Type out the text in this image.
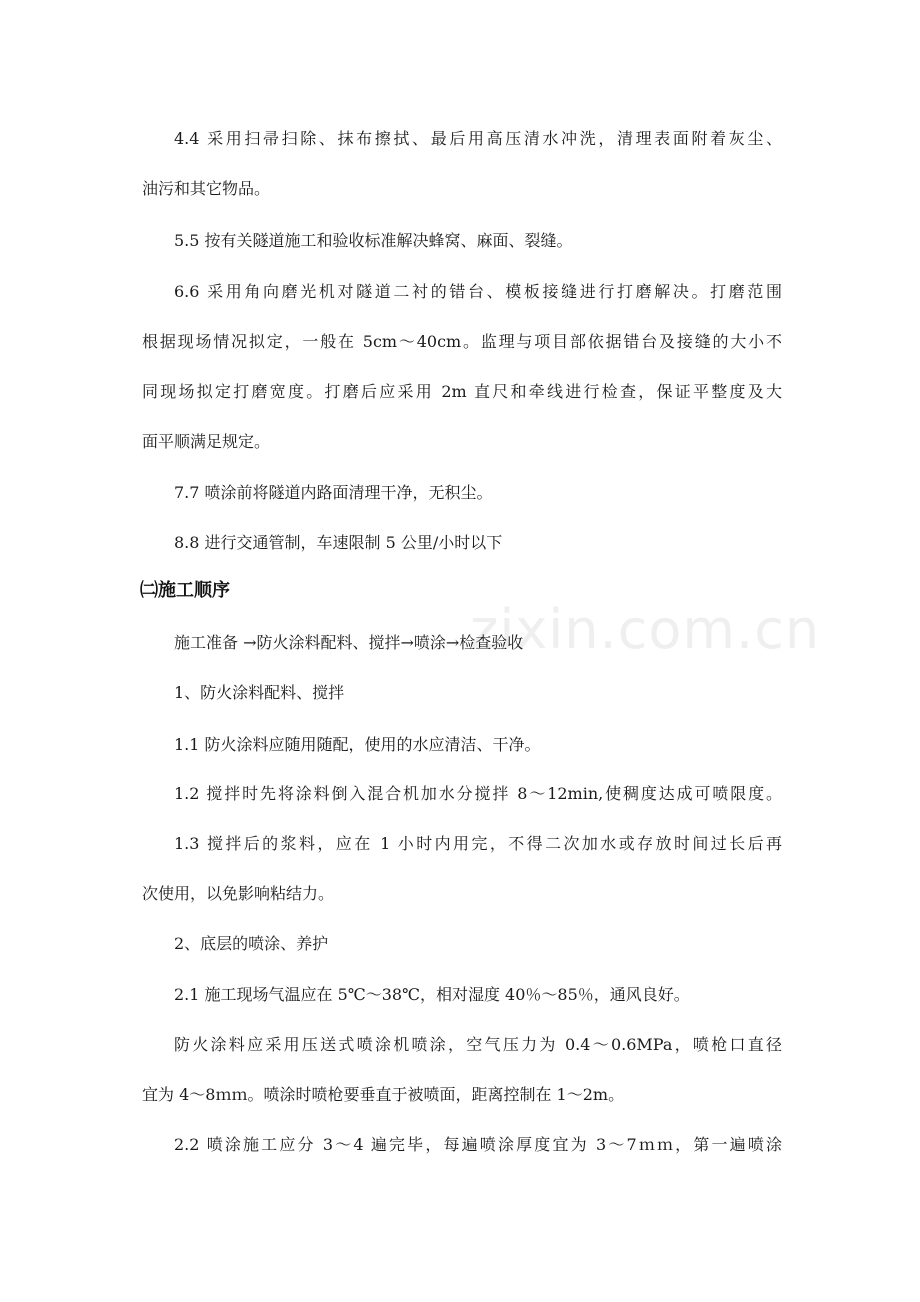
4.4 采用扫帚扫除、抹布擦拭、最后用高压清水冲洗，清理表面附着灰尘、
油污和其它物品。
5.5 按有关隧道施工和验收标准解决蜂窝、麻面、裂缝。
6.6 采用角向磨光机对隧道二衬的错台、模板接缝进行打磨解决。打磨范围
根据现场情况拟定，一般在 5cm～40cm。监理与项目部依据错台及接缝的大小不
同现场拟定打磨宽度。打磨后应采用 2m 直尺和牵线进行检查，保证平整度及大
面平顺满足规定。
7.7 喷涂前将隧道内路面清理干净，无积尘。
8.8 进行交通管制，车速限制 5 公里/小时以下
㈡施工顺序
zixin.com.cn
施工准备 →防火涂料配料、搅拌→喷涂→检查验收
1、防火涂料配料、搅拌
1.1 防火涂料应随用随配，使用的水应清洁、干净。
1.2 搅拌时先将涂料倒入混合机加水分搅拌 8～12min,使稠度达成可喷限度。
1.3 搅拌后的浆料，应在 1 小时内用完，不得二次加水或存放时间过长后再
次使用，以免影响粘结力。
2、底层的喷涂、养护
2.1 施工现场气温应在 5℃～38℃，相对湿度 40％～85％，通风良好。
防火涂料应采用压送式喷涂机喷涂，空气压力为 0.4～0.6MPa，喷枪口直径
宜为 4～8ｍｍ。喷涂时喷枪要垂直于被喷面，距离控制在 1～2m。
2.2 喷涂施工应分 3～4 遍完毕，每遍喷涂厚度宜为 3～7ｍｍ，第一遍喷涂
